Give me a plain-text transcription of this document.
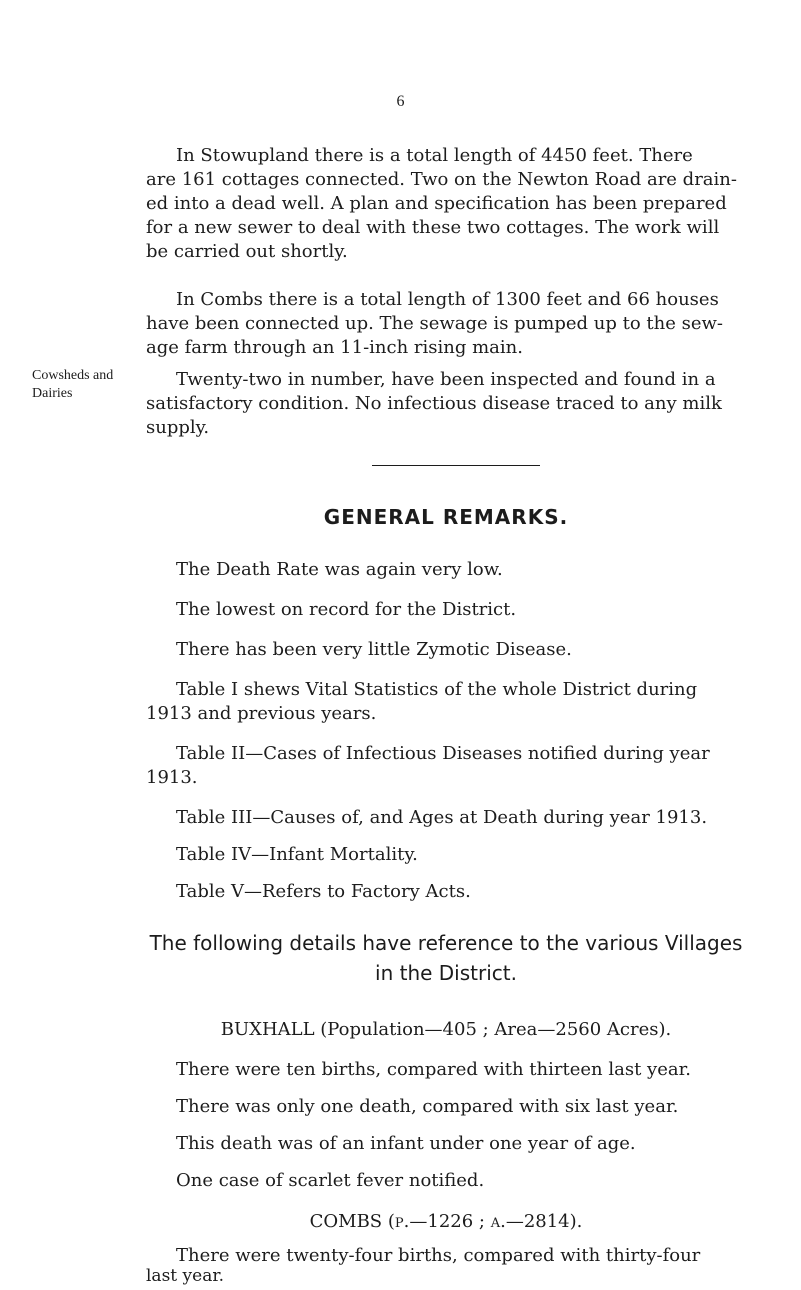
6

In Stowupland there is a total length of 4450 feet. There

are 161 cottages connected. Two on the Newton Road are drain-

ed into a dead well. A plan and specification has been prepared

for a new sewer to deal with these two cottages. The work will

be carried out shortly.

In Combs there is a total length of 1300 feet and 66 houses

have been connected up. The sewage is pumped up to the sew-

age farm through an 11-inch rising main.

Cowsheds and
Dairies

Twenty-two in number, have been inspected and found in a

satisfactory condition. No infectious disease traced to any milk

supply.

GENERAL REMARKS.

The Death Rate was again very low.

The lowest on record for the District.

There has been very little Zymotic Disease.

Table I shews Vital Statistics of the whole District during

1913 and previous years.

Table II—Cases of Infectious Diseases notified during year

1913.

Table III—Causes of, and Ages at Death during year 1913.

Table IV—Infant Mortality.

Table V—Refers to Factory Acts.

The following details have reference to the various Villages
in the District.

BUXHALL (Population—405 ; Area—2560 Acres).

There were ten births, compared with thirteen last year.

There was only one death, compared with six last year.

This death was of an infant under one year of age.

One case of scarlet fever notified.

COMBS (p.—1226 ; a.—2814).

There were twenty-four births, compared with thirty-four

last year.
